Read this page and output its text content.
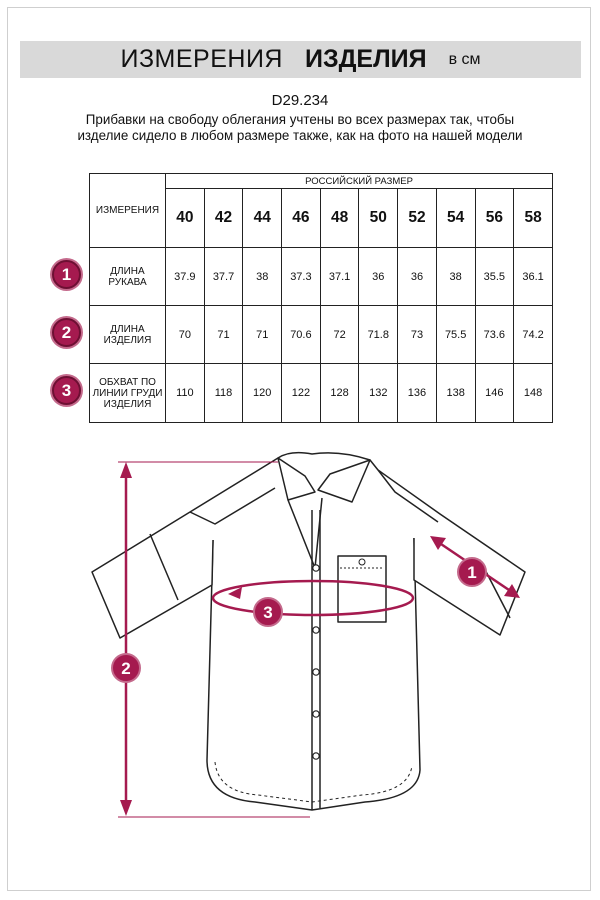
ИЗМЕРЕНИЯ ИЗДЕЛИЯ в см
D29.234
Прибавки на свободу облегания учтены во всех размерах так, чтобы изделие сидело в любом размере также, как на фото на нашей модели
ИЗМЕРЕНИЯ	РОССИЙСКИЙ РАЗМЕР									
	40	42	44	46	48	50	52	54	56	58
ДЛИНА РУКАВА	37.9	37.7	38	37.3	37.1	36	36	38	35.5	36.1
ДЛИНА ИЗДЕЛИЯ	70	71	71	70.6	72	71.8	73	75.5	73.6	74.2
ОБХВАТ ПО ЛИНИИ ГРУДИ ИЗДЕЛИЯ	110	118	120	122	128	132	136	138	146	148
1
2
3
2
3
1
